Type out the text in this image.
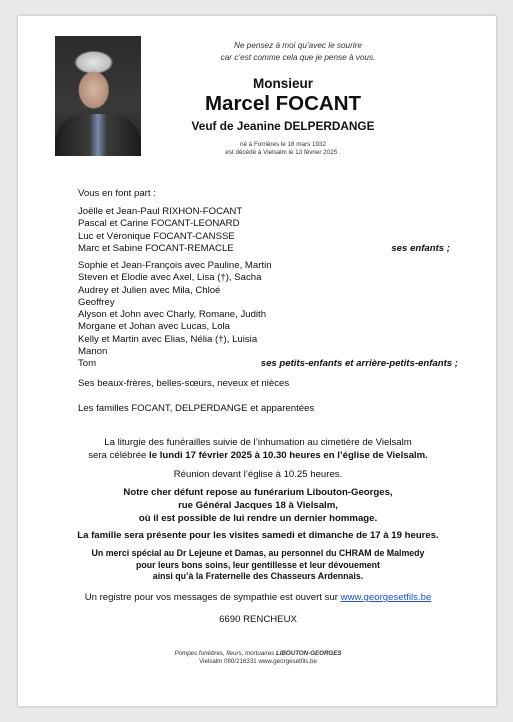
Ne pensez à moi qu’avec le sourire
car c’est comme cela que je pense à vous.
Monsieur
Marcel FOCANT
Veuf de Jeanine DELPERDANGE
né à Forrières le 18 mars 1932
est décédé à Vielsalm le 13 février 2025 .
Vous en font part :
Joëlle et Jean-Paul RIXHON-FOCANT
Pascal et Carine FOCANT-LEONARD
Luc et Véronique FOCANT-CANSSE
Marc et Sabine FOCANT-REMACLE	ses enfants ;
Sophie et Jean-François avec Pauline, Martin
Steven et Elodie avec Axel, Lisa (†), Sacha
Audrey et Julien avec Mila, Chloé
Geoffrey
Alyson et John avec Charly, Romane, Judith
Morgane et Johan avec Lucas, Lola
Kelly et Martin avec Elias, Nélia (†), Luisia
Manon
Tom	ses petits-enfants et arrière-petits-enfants ;
Ses beaux-frères, belles-sœurs, neveux et nièces
Les familles FOCANT, DELPERDANGE et apparentées
La liturgie des funérailles suivie de l’inhumation au cimetière de Vielsalm
sera célébrée le lundi 17 février 2025 à 10.30 heures en l’église de Vielsalm.
Réunion devant l’église à 10.25 heures.
Notre cher défunt repose au funérarium Libouton-Georges,
rue Général Jacques 18 à Vielsalm,
où il est possible de lui rendre un dernier hommage.
La famille sera présente pour les visites samedi et dimanche de 17 à 19 heures.
Un merci spécial au Dr Lejeune et Damas, au personnel du CHRAM de Malmedy
pour leurs bons soins, leur gentillesse et leur dévouement
ainsi qu’à la Fraternelle des Chasseurs Ardennais.
Un registre pour vos messages de sympathie est ouvert sur www.georgesetfils.be
6690 RENCHEUX
Pompes funèbres, fleurs, mortuaires LIBOUTON-GEORGES
Vielsalm 080/216331 www.georgesetfils.be
